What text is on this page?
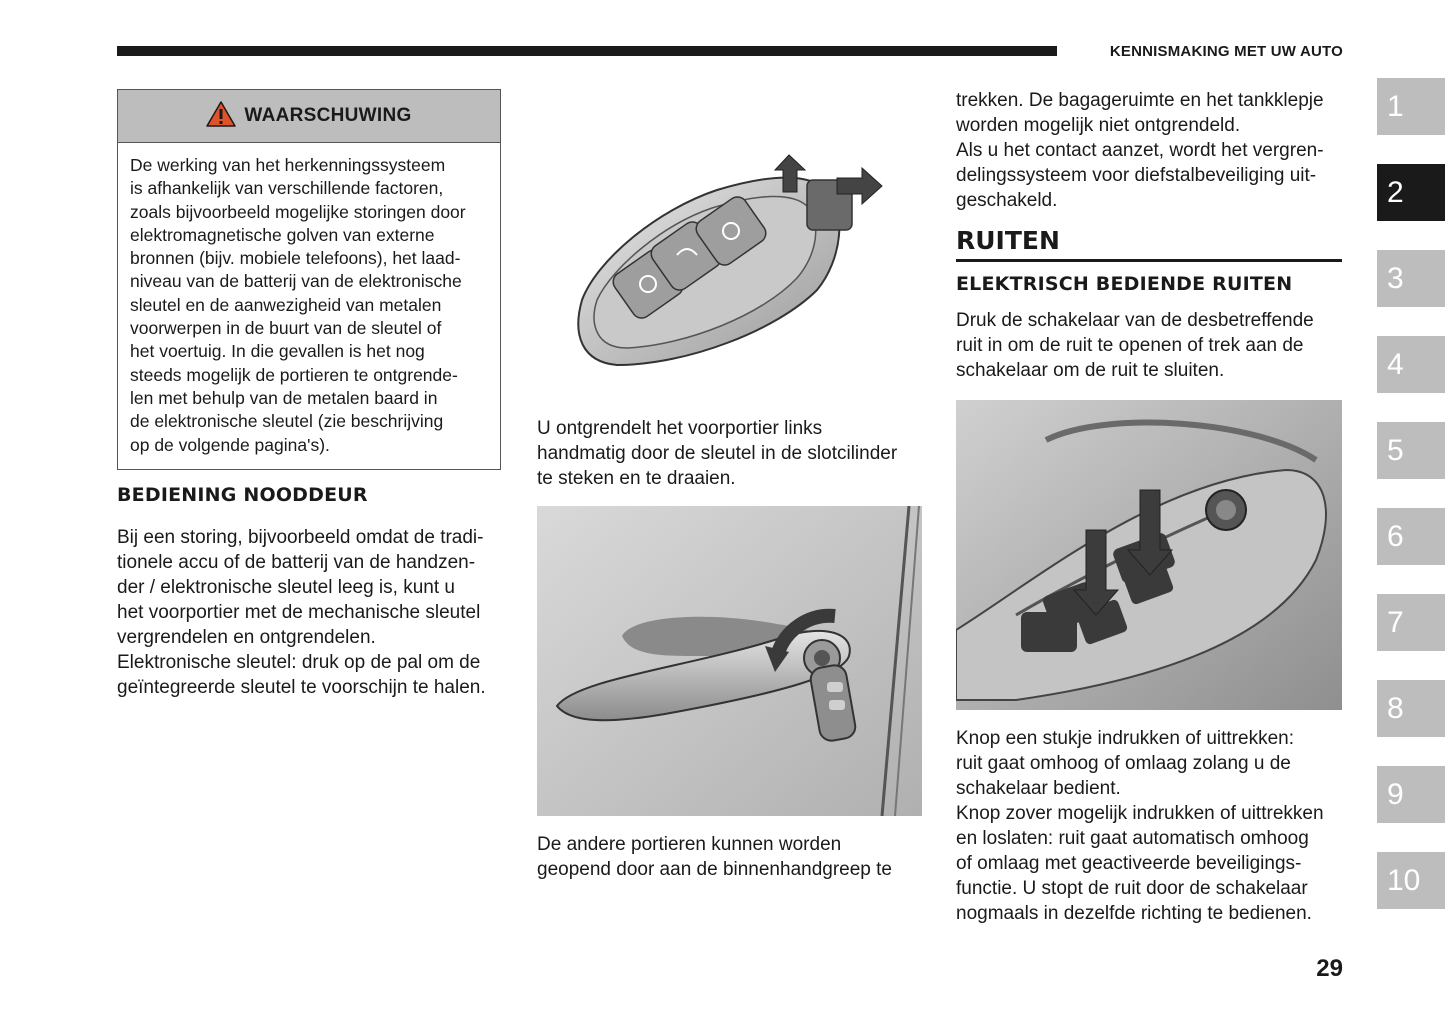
KENNISMAKING MET UW AUTO
WAARSCHUWING
De werking van het herkenningssysteem
is afhankelijk van verschillende factoren,
zoals bijvoorbeeld mogelijke storingen door
elektromagnetische golven van externe
bronnen (bijv. mobiele telefoons), het laad-
niveau van de batterij van de elektronische
sleutel en de aanwezigheid van metalen
voorwerpen in de buurt van de sleutel of
het voertuig. In die gevallen is het nog
steeds mogelijk de portieren te ontgrende-
len met behulp van de metalen baard in
de elektronische sleutel (zie beschrijving
op de volgende pagina's).
BEDIENING NOODDEUR

Bij een storing, bijvoorbeeld omdat de tradi-
tionele accu of de batterij van de handzen-
der / elektronische sleutel leeg is, kunt u
het voorportier met de mechanische sleutel
vergrendelen en ontgrendelen.
Elektronische sleutel: druk op de pal om de
geïntegreerde sleutel te voorschijn te halen.

U ontgrendelt het voorportier links
handmatig door de sleutel in de slotcilinder
te steken en te draaien.

De andere portieren kunnen worden
geopend door aan de binnenhandgreep te

trekken. De bagageruimte en het tankklepje
worden mogelijk niet ontgrendeld.
Als u het contact aanzet, wordt het vergren-
delingssysteem voor diefstalbeveiliging uit-
geschakeld.

RUITEN
ELEKTRISCH BEDIENDE RUITEN

Druk de schakelaar van de desbetreffende
ruit in om de ruit te openen of trek aan de
schakelaar om de ruit te sluiten.

Knop een stukje indrukken of uittrekken:
ruit gaat omhoog of omlaag zolang u de
schakelaar bedient.
Knop zover mogelijk indrukken of uittrekken
en loslaten: ruit gaat automatisch omhoog
of omlaag met geactiveerde beveiligings-
functie. U stopt de ruit door de schakelaar
nogmaals in dezelfde richting te bedienen.

1
2
3
4
5
6
7
8
9
10
29
